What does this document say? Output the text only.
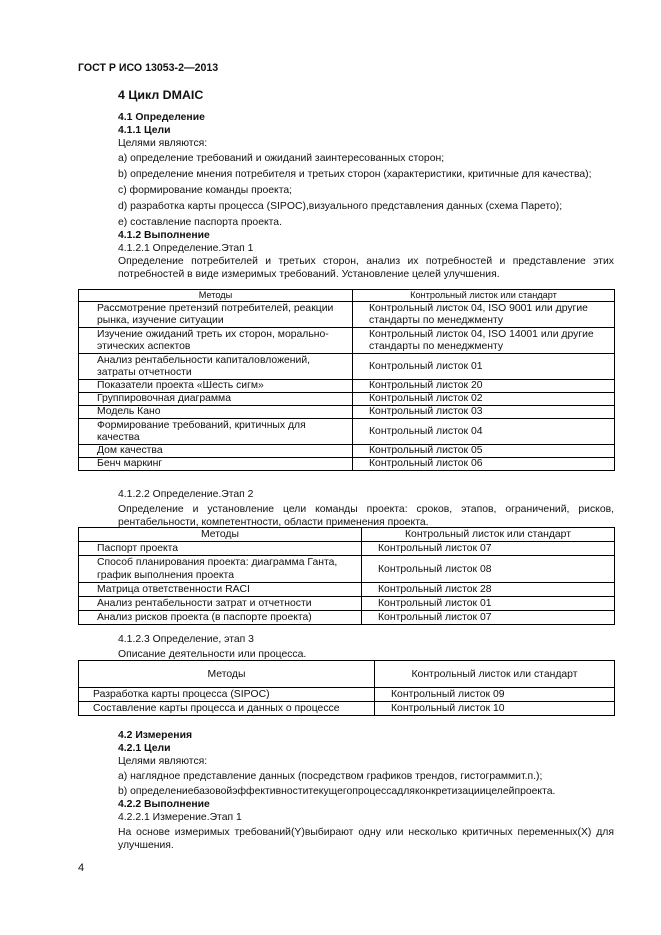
ГОСТ Р ИСО 13053-2—2013
4 Цикл DMAIC
4.1 Определение
4.1.1 Цели
Целями являются:
а) определение требований и ожиданий заинтересованных сторон;
b) определение мнения потребителя и третьих сторон (характеристики, критичные для качества);
c) формирование команды проекта;
d) разработка карты процесса (SIPOC),визуального представления данных (схема Парето);
e) составление паспорта проекта.
4.1.2 Выполнение
4.1.2.1 Определение.Этап 1
Определение потребителей и третьих сторон, анализ их потребностей и представление этих потребностей в виде измеримых требований. Установление целей улучшения.
Методы	Контрольный листок или стандарт
Рассмотрение претензий потребителей, реакции рынка, изучение ситуации	Контрольный листок 04, ISO 9001 или другие стандарты по менеджменту
Изучение ожиданий треть их сторон, морально-этических аспектов	Контрольный листок 04, ISO 14001 или другие стандарты по менеджменту
Анализ рентабельности капиталовложений, затраты отчетности	Контрольный листок 01
Показатели проекта «Шесть сигм»	Контрольный листок 20
Группировочная диаграмма	Контрольный листок 02
Модель Кано	Контрольный листок 03
Формирование требований, критичных для качества	Контрольный листок 04
Дом качества	Контрольный листок 05
Бенч маркинг	Контрольный листок 06
4.1.2.2 Определение.Этап 2
Определение и установление цели команды проекта: сроков, этапов, ограничений, рисков, рентабельности, компетентности, области применения проекта.
Методы	Контрольный листок или стандарт
Паспорт проекта	Контрольный листок 07
Способ планирования проекта: диаграмма Ганта, график выполнения проекта	Контрольный листок 08
Матрица ответственности RACI	Контрольный листок 28
Анализ рентабельности затрат и отчетности	Контрольный листок 01
Анализ рисков проекта (в паспорте проекта)	Контрольный листок 07
4.1.2.3 Определение, этап 3
Описание деятельности или процесса.
Методы	Контрольный листок или стандарт
Разработка карты процесса (SIPOC)	Контрольный листок 09
Составление карты процесса и данных о процессе	Контрольный листок 10
4.2 Измерения
4.2.1 Цели
Целями являются:
а) наглядное представление данных (посредством графиков трендов, гистограммит.п.);
b) определениебазовойэффективноститекущегопроцессадляконкретизациицелейпроекта.
4.2.2 Выполнение
4.2.2.1 Измерение.Этап 1
На основе измеримых требований(Y)выбирают одну или несколько критичных переменных(X) для улучшения.
4
